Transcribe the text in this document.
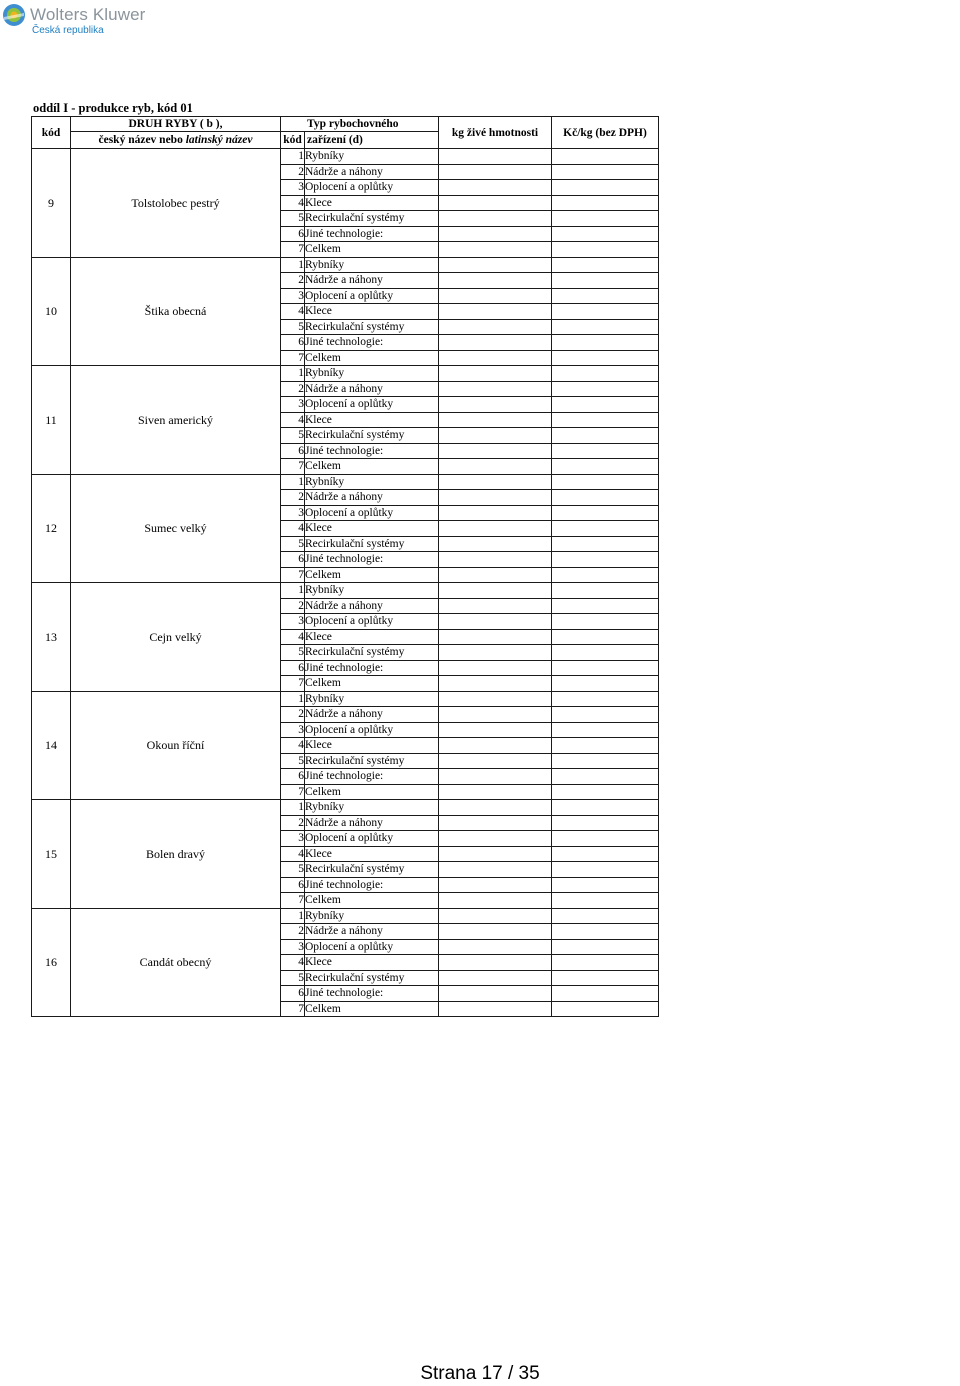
Wolters Kluwer
Česká republika
oddíl I - produkce ryb, kód 01
kód	DRUH RYBY ( b ),	Typ rybochovného		kg živé hmotnosti	Kč/kg (bez DPH)
	český název nebo latinský název	kód	zařízení (d)		
9	Tolstolobec pestrý	1	Rybníky		
		2	Nádrže a náhony		
		3	Oplocení a oplůtky		
		4	Klece		
		5	Recirkulační systémy		
		6	Jiné technologie:		
		7	Celkem		
10	Štika obecná	1	Rybníky		
		2	Nádrže a náhony		
		3	Oplocení a oplůtky		
		4	Klece		
		5	Recirkulační systémy		
		6	Jiné technologie:		
		7	Celkem		
11	Siven americký	1	Rybníky		
		2	Nádrže a náhony		
		3	Oplocení a oplůtky		
		4	Klece		
		5	Recirkulační systémy		
		6	Jiné technologie:		
		7	Celkem		
12	Sumec velký	1	Rybníky		
		2	Nádrže a náhony		
		3	Oplocení a oplůtky		
		4	Klece		
		5	Recirkulační systémy		
		6	Jiné technologie:		
		7	Celkem		
13	Cejn velký	1	Rybníky		
		2	Nádrže a náhony		
		3	Oplocení a oplůtky		
		4	Klece		
		5	Recirkulační systémy		
		6	Jiné technologie:		
		7	Celkem		
14	Okoun říční	1	Rybníky		
		2	Nádrže a náhony		
		3	Oplocení a oplůtky		
		4	Klece		
		5	Recirkulační systémy		
		6	Jiné technologie:		
		7	Celkem		
15	Bolen dravý	1	Rybníky		
		2	Nádrže a náhony		
		3	Oplocení a oplůtky		
		4	Klece		
		5	Recirkulační systémy		
		6	Jiné technologie:		
		7	Celkem		
16	Candát obecný	1	Rybníky		
		2	Nádrže a náhony		
		3	Oplocení a oplůtky		
		4	Klece		
		5	Recirkulační systémy		
		6	Jiné technologie:		
		7	Celkem		
Strana 17 / 35
